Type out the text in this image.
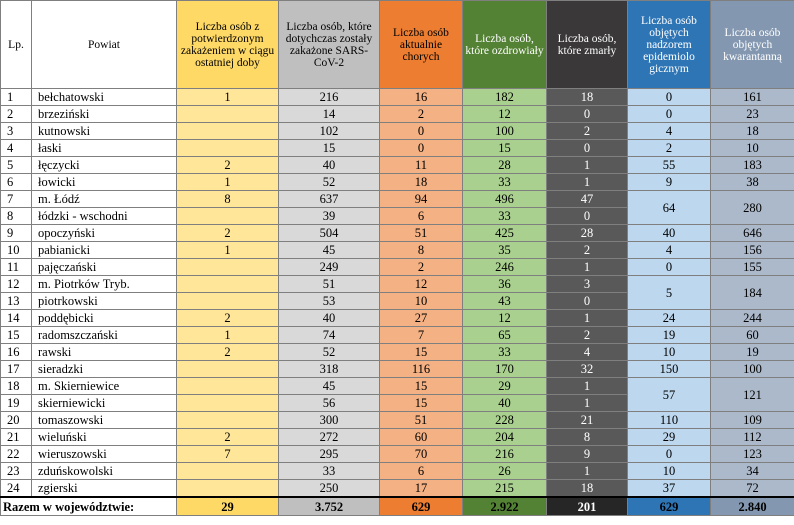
Lp.	Powiat	Liczba osób z potwierdzonym zakażeniem w ciągu ostatniej doby	Liczba osób, które dotychczas zostały zakażone SARS-CoV-2	Liczba osób aktualnie chorych	Liczba osób, które ozdrowiały	Liczba osób, które zmarły	Liczba osób objętych nadzorem epidemiolo gicznym	Liczba osób objętych kwarantanną
1	bełchatowski	1	216	16	182	18	0	161
2	brzeziński		14	2	12	0	0	23
3	kutnowski		102	0	100	2	4	18
4	łaski		15	0	15	0	2	10
5	łęczycki	2	40	11	28	1	55	183
6	łowicki	1	52	18	33	1	9	38
7	m. Łódź	8	637	94	496	47	64	280
8	łódzki - wschodni		39	6	33	0		
9	opoczyński	2	504	51	425	28	40	646
10	pabianicki	1	45	8	35	2	4	156
11	pajęczański		249	2	246	1	0	155
12	m. Piotrków Tryb.		51	12	36	3	5	184
13	piotrkowski		53	10	43	0		
14	poddębicki	2	40	27	12	1	24	244
15	radomszczański	1	74	7	65	2	19	60
16	rawski	2	52	15	33	4	10	19
17	sieradzki		318	116	170	32	150	100
18	m. Skierniewice		45	15	29	1	57	121
19	skierniewicki		56	15	40	1		
20	tomaszowski		300	51	228	21	110	109
21	wieluński	2	272	60	204	8	29	112
22	wieruszowski	7	295	70	216	9	0	123
23	zduńskowolski		33	6	26	1	10	34
24	zgierski		250	17	215	18	37	72
Razem w województwie:		29	3.752	629	2.922	201	629	2.840
